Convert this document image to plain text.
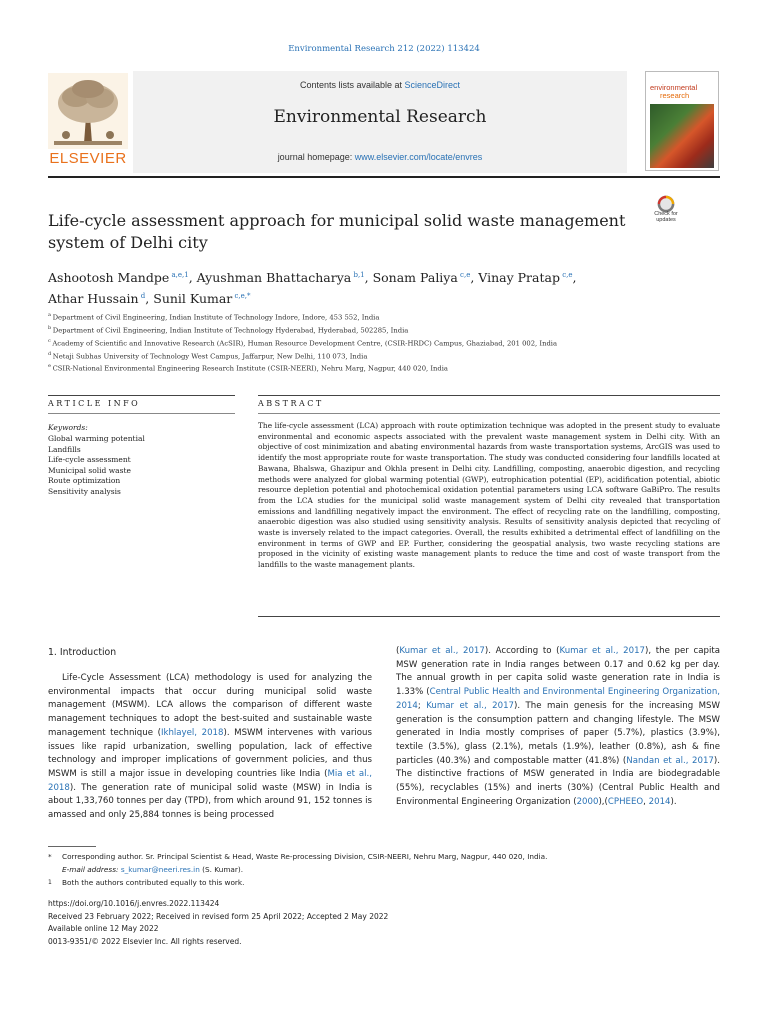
Environmental Research 212 (2022) 113424
ELSEVIER
Contents lists available at ScienceDirect
Environmental Research
journal homepage: www.elsevier.com/locate/envres
environmental
research
Check for updates
Life-cycle assessment approach for municipal solid waste management system of Delhi city
Ashootosh Mandpe $^{a,e,1}$, Ayushman Bhattacharya $^{b,1}$, Sonam Paliya $^{c,e}$, Vinay Pratap $^{c,e}$,
Athar Hussain $^d$, Sunil Kumar $^{c,e,*}$
$^a$ Department of Civil Engineering, Indian Institute of Technology Indore, Indore, 453 552, India
$^b$ Department of Civil Engineering, Indian Institute of Technology Hyderabad, Hyderabad, 502285, India
$^c$ Academy of Scientific and Innovative Research (AcSIR), Human Resource Development Centre, (CSIR-HRDC) Campus, Ghaziabad, 201 002, India
$^d$ Netaji Subhas University of Technology West Campus, Jaffarpur, New Delhi, 110 073, India
$^e$ CSIR-National Environmental Engineering Research Institute (CSIR-NEERI), Nehru Marg, Nagpur, 440 020, India
ARTICLE INFO	ABSTRACT
Keywords:
Global warming potential
Landfills
Life-cycle assessment
Municipal solid waste
Route optimization
Sensitivity analysis
The life-cycle assessment (LCA) approach with route optimization technique was adopted in the present study to evaluate environmental and economic aspects associated with the prevalent waste management system in Delhi city. With an objective of cost minimization and abating environmental hazards from waste transportation systems, ArcGIS was used to identify the most appropriate route for waste transportation. The study was conducted considering four landfills located at Bawana, Bhalswa, Ghazipur and Okhla present in Delhi city. Landfilling, composting, anaerobic digestion, and recycling methods were analyzed for global warming potential (GWP), eutrophication potential (EP), acidification potential, abiotic resource depletion potential and photochemical oxidation potential parameters using LCA software GaBiPro. The results from the LCA studies for the municipal solid waste management system of Delhi city revealed that transportation emissions and landfilling negatively impact the environment. The effect of recycling rate on the landfilling, composting, anaerobic digestion was also studied using sensitivity analysis. Results of sensitivity analysis depicted that recycling of waste is inversely related to the impact categories. Overall, the results exhibited a detrimental effect of landfilling on the environment in terms of GWP and EP. Further, considering the geospatial analysis, two waste recycling stations are proposed in the vicinity of existing waste management plants to reduce the time and cost of waste transport from the landfills to the waste management plants.
1. Introduction
Life-Cycle Assessment (LCA) methodology is used for analyzing the environmental impacts that occur during municipal solid waste management (MSWM). LCA allows the comparison of different waste management techniques to adopt the best-suited and sustainable waste management technique (Ikhlayel, 2018). MSWM intervenes with various issues like rapid urbanization, swelling population, lack of effective technology and improper implications of government policies, and thus MSWM is still a major issue in developing countries like India (Mia et al., 2018). The generation rate of municipal solid waste (MSW) in India is about 1,33,760 tonnes per day (TPD), from which around 91, 152 tonnes is amassed and only 25,884 tonnes is being processed
(Kumar et al., 2017). According to (Kumar et al., 2017), the per capita MSW generation rate in India ranges between 0.17 and 0.62 kg per day. The annual growth in per capita solid waste generation rate in India is 1.33% (Central Public Health and Environmental Engineering Organization, 2014; Kumar et al., 2017). The main genesis for the increasing MSW generation is the consumption pattern and changing lifestyle. The MSW generated in India mostly comprises of paper (5.7%), plastics (3.9%), textile (3.5%), glass (2.1%), metals (1.9%), leather (0.8%), ash & fine particles (40.3%) and compostable matter (41.8%) (Nandan et al., 2017). The distinctive fractions of MSW generated in India are biodegradable (55%), recyclables (15%) and inerts (30%) (Central Public Health and Environmental Engineering Organization (2000),(CPHEEO, 2014).
* Corresponding author. Sr. Principal Scientist & Head, Waste Re-processing Division, CSIR-NEERI, Nehru Marg, Nagpur, 440 020, India.
E-mail address: s_kumar@neeri.res.in (S. Kumar).
1 Both the authors contributed equally to this work.
https://doi.org/10.1016/j.envres.2022.113424
Received 23 February 2022; Received in revised form 25 April 2022; Accepted 2 May 2022
Available online 12 May 2022
0013-9351/© 2022 Elsevier Inc. All rights reserved.
